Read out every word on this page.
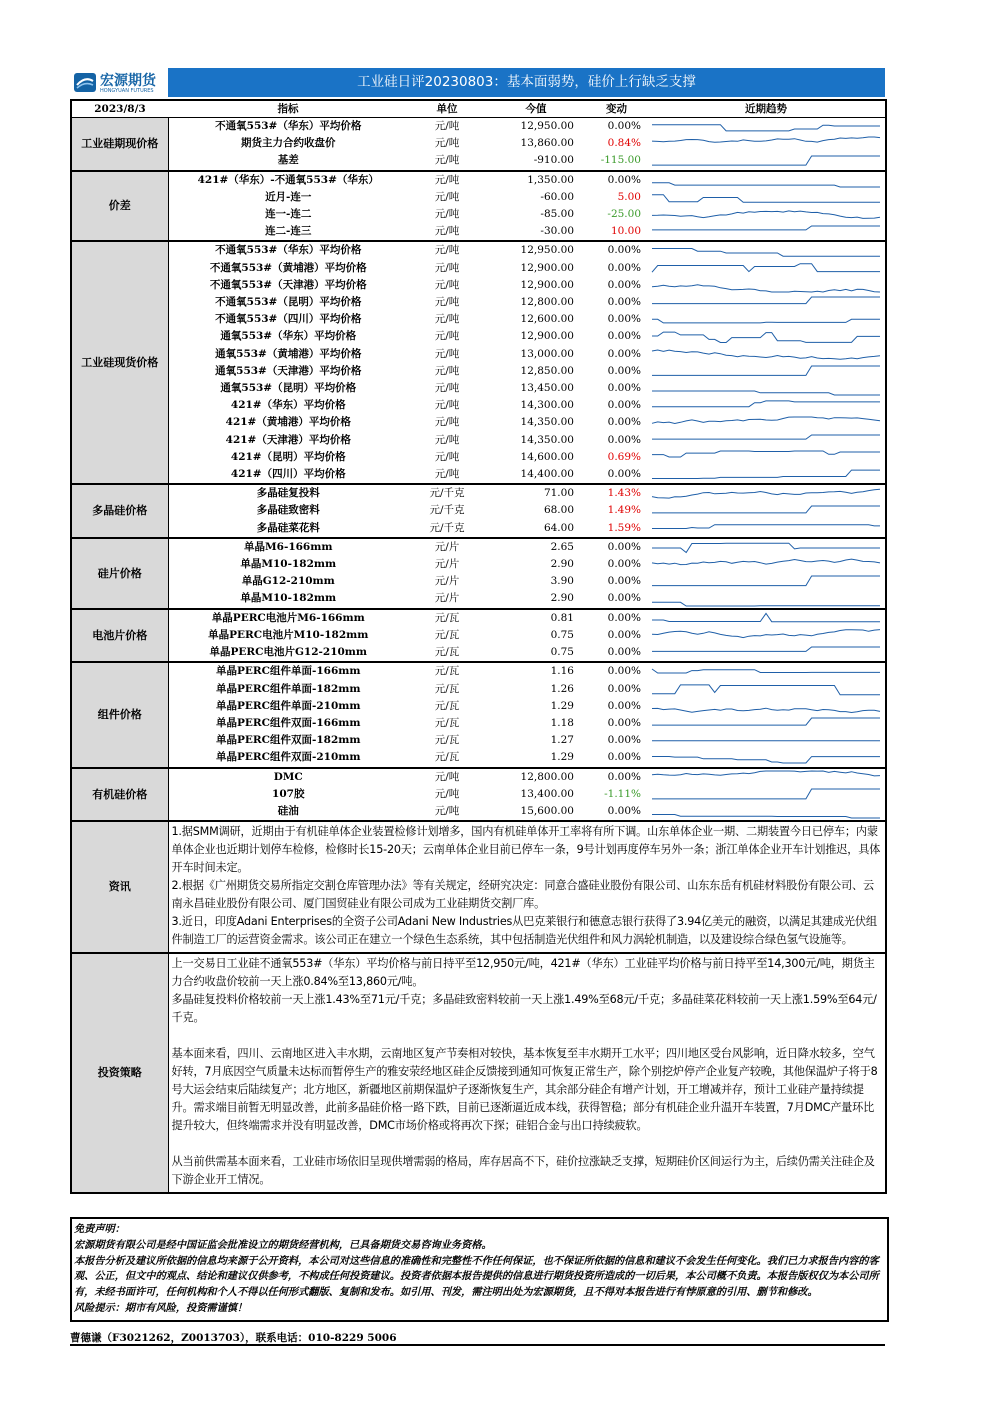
宏源期货
HONGYUAN FUTURES
工业硅日评20230803：基本面弱势，硅价上行缺乏支撑
2023/8/3	指标	单位	今值	变动	近期趋势
工业硅期现价格	不通氧553#（华东）平均价格	元/吨	12,950.00	0.00%	

	期货主力合约收盘价	元/吨	13,860.00	0.84%	

	基差	元/吨	-910.00	-115.00	

价差	421#（华东）-不通氧553#（华东）	元/吨	1,350.00	0.00%	

	近月-连一	元/吨	-60.00	5.00	

	连一-连二	元/吨	-85.00	-25.00	

	连二-连三	元/吨	-30.00	10.00	

工业硅现货价格	不通氧553#（华东）平均价格	元/吨	12,950.00	0.00%	

	不通氧553#（黄埔港）平均价格	元/吨	12,900.00	0.00%	

	不通氧553#（天津港）平均价格	元/吨	12,900.00	0.00%	

	不通氧553#（昆明）平均价格	元/吨	12,800.00	0.00%	

	不通氧553#（四川）平均价格	元/吨	12,600.00	0.00%	

	通氧553#（华东）平均价格	元/吨	12,900.00	0.00%	

	通氧553#（黄埔港）平均价格	元/吨	13,000.00	0.00%	

	通氧553#（天津港）平均价格	元/吨	12,850.00	0.00%	

	通氧553#（昆明）平均价格	元/吨	13,450.00	0.00%	

	421#（华东）平均价格	元/吨	14,300.00	0.00%	

	421#（黄埔港）平均价格	元/吨	14,350.00	0.00%	

	421#（天津港）平均价格	元/吨	14,350.00	0.00%	

	421#（昆明）平均价格	元/吨	14,600.00	0.69%	

	421#（四川）平均价格	元/吨	14,400.00	0.00%	

多晶硅价格	多晶硅复投料	元/千克	71.00	1.43%	

	多晶硅致密料	元/千克	68.00	1.49%	

	多晶硅菜花料	元/千克	64.00	1.59%	

硅片价格	单晶M6-166mm	元/片	2.65	0.00%	

	单晶M10-182mm	元/片	2.90	0.00%	

	单晶G12-210mm	元/片	3.90	0.00%	

	单晶M10-182mm	元/片	2.90	0.00%	

电池片价格	单晶PERC电池片M6-166mm	元/瓦	0.81	0.00%	

	单晶PERC电池片M10-182mm	元/瓦	0.75	0.00%	

	单晶PERC电池片G12-210mm	元/瓦	0.75	0.00%	

组件价格	单晶PERC组件单面-166mm	元/瓦	1.16	0.00%	

	单晶PERC组件单面-182mm	元/瓦	1.26	0.00%	

	单晶PERC组件单面-210mm	元/瓦	1.29	0.00%	

	单晶PERC组件双面-166mm	元/瓦	1.18	0.00%	

	单晶PERC组件双面-182mm	元/瓦	1.27	0.00%	

	单晶PERC组件双面-210mm	元/瓦	1.29	0.00%	

有机硅价格	DMC	元/吨	12,800.00	0.00%	

	107胶	元/吨	13,400.00	-1.11%	

	硅油	元/吨	15,600.00	0.00%	

资讯	1.据SMM调研，近期由于有机硅单体企业装置检修计划增多，国内有机硅单体开工率将有所下调。山东单体企业一期、二期装置今日已停车；内蒙单体企业也近期计划停车检修，检修时长15-20天；云南单体企业目前已停车一条，9号计划再度停车另外一条；浙江单体企业开车计划推迟，具体开车时间未定。

2.根据《广州期货交易所指定交割仓库管理办法》等有关规定，经研究决定：同意合盛硅业股份有限公司、山东东岳有机硅材料股份有限公司、云南永昌硅业股份有限公司、厦门国贸硅业有限公司成为工业硅期货交割厂库。

3.近日，印度Adani Enterprises的全资子公司Adani New Industries从巴克莱银行和德意志银行获得了3.94亿美元的融资，以满足其建成光伏组件制造工厂的运营资金需求。该公司正在建立一个绿色生态系统，其中包括制造光伏组件和风力涡轮机制造，以及建设综合绿色氢气设施等。				

投资策略	上一交易日工业硅不通氧553#（华东）平均价格与前日持平至12,950元/吨，421#（华东）工业硅平均价格与前日持平至14,300元/吨，期货主力合约收盘价较前一天上涨0.84%至13,860元/吨。

多晶硅复投料价格较前一天上涨1.43%至71元/千克；多晶硅致密料较前一天上涨1.49%至68元/千克；多晶硅菜花料较前一天上涨1.59%至64元/千克。

基本面来看，四川、云南地区进入丰水期，云南地区复产节奏相对较快，基本恢复至丰水期开工水平；四川地区受台风影响，近日降水较多，空气好转，7月底因空气质量未达标而暂停生产的雅安荥经地区硅企反馈接到通知可恢复正常生产，除个别挖炉停产企业复产较晚，其他保温炉子将于8号大运会结束后陆续复产；北方地区，新疆地区前期保温炉子逐渐恢复生产，其余部分硅企有增产计划，开工增减并存，预计工业硅产量持续提升。需求端目前暂无明显改善，此前多晶硅价格一路下跌，目前已逐渐逼近成本线，获得智稳；部分有机硅企业升温开车装置，7月DMC产量环比提升较大，但终端需求并没有明显改善，DMC市场价格或将再次下探；硅铝合金与出口持续疲软。

从当前供需基本面来看，工业硅市场依旧呈现供增需弱的格局，库存居高不下，硅价拉涨缺乏支撑，短期硅价区间运行为主，后续仍需关注硅企及下游企业开工情况。				

免责声明：

宏源期货有限公司是经中国证监会批准设立的期货经营机构，已具备期货交易咨询业务资格。

本报告分析及建议所依据的信息均来源于公开资料，本公司对这些信息的准确性和完整性不作任何保证，也不保证所依据的信息和建议不会发生任何变化。我们已力求报告内容的客观、公正，但文中的观点、结论和建议仅供参考，不构成任何投资建议。投资者依据本报告提供的信息进行期货投资所造成的一切后果，本公司概不负责。本报告版权仅为本公司所有，未经书面许可，任何机构和个人不得以任何形式翻版、复制和发布。如引用、刊发，需注明出处为宏源期货，且不得对本报告进行有悖原意的引用、删节和修改。

风险提示：期市有风险，投资需谨慎！

曹德谦（F3021262，Z0013703），联系电话：010-8229 5006
